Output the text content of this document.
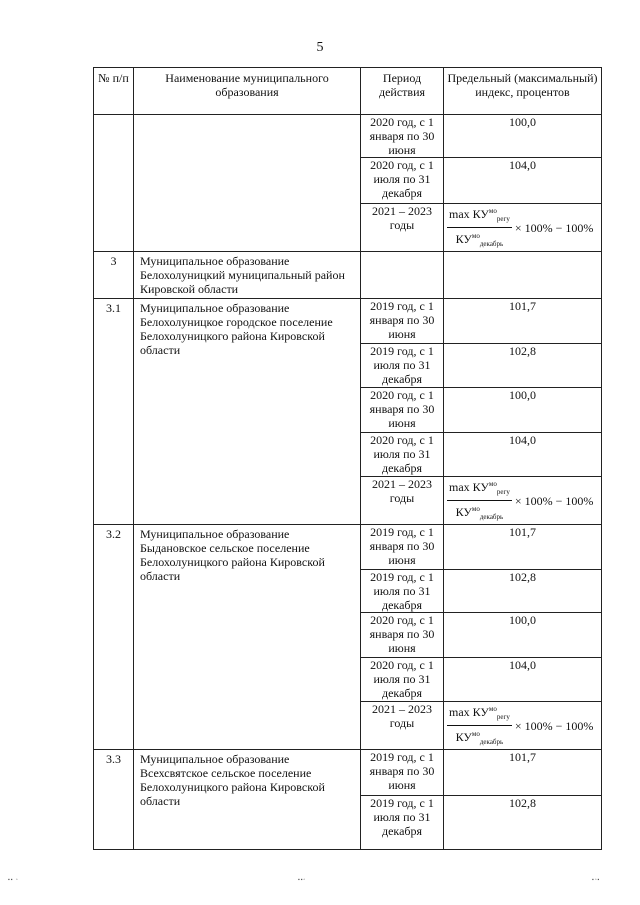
5
№ п/п	Наименование муниципального образования	Период действия	Предельный (максимальный) индекс, процентов
		2020 год, с 1 января по 30 июня	100,0
		2020 год, с 1 июля по 31 декабря	104,0
		2021 – 2023 годы	$\frac{\max КУ^{мо}_{регу}}{КУ^{мо}_{декабрь}} \times 100\% - 100\%$

3	Муниципальное образование Белохолуницкий муниципальный район Кировской области		
3.1	Муниципальное образование Белохолуницкое городское поселение Белохолуницкого района Кировской области	2019 год, с 1 января по 30 июня	101,7
		2019 год, с 1 июля по 31 декабря	102,8
		2020 год, с 1 января по 30 июня	100,0
		2020 год, с 1 июля по 31 декабря	104,0
		2021 – 2023 годы	$\frac{\max КУ^{мо}_{регу}}{КУ^{мо}_{декабрь}} \times 100\% - 100\%$

3.2	Муниципальное образование Быдановское сельское поселение Белохолуницкого района Кировской области	2019 год, с 1 января по 30 июня	101,7
		2019 год, с 1 июля по 31 декабря	102,8
		2020 год, с 1 января по 30 июня	100,0
		2020 год, с 1 июля по 31 декабря	104,0
		2021 – 2023 годы	$\frac{\max КУ^{мо}_{регу}}{КУ^{мо}_{декабрь}} \times 100\% - 100\%$

3.3	Муниципальное образование Всехсвятское сельское поселение Белохолуницкого района Кировской области	2019 год, с 1 января по 30 июня	101,7
		2019 год, с 1 июля по 31 декабря	102,8
▪▪ ▫	▪▪▫	▪▫▪
